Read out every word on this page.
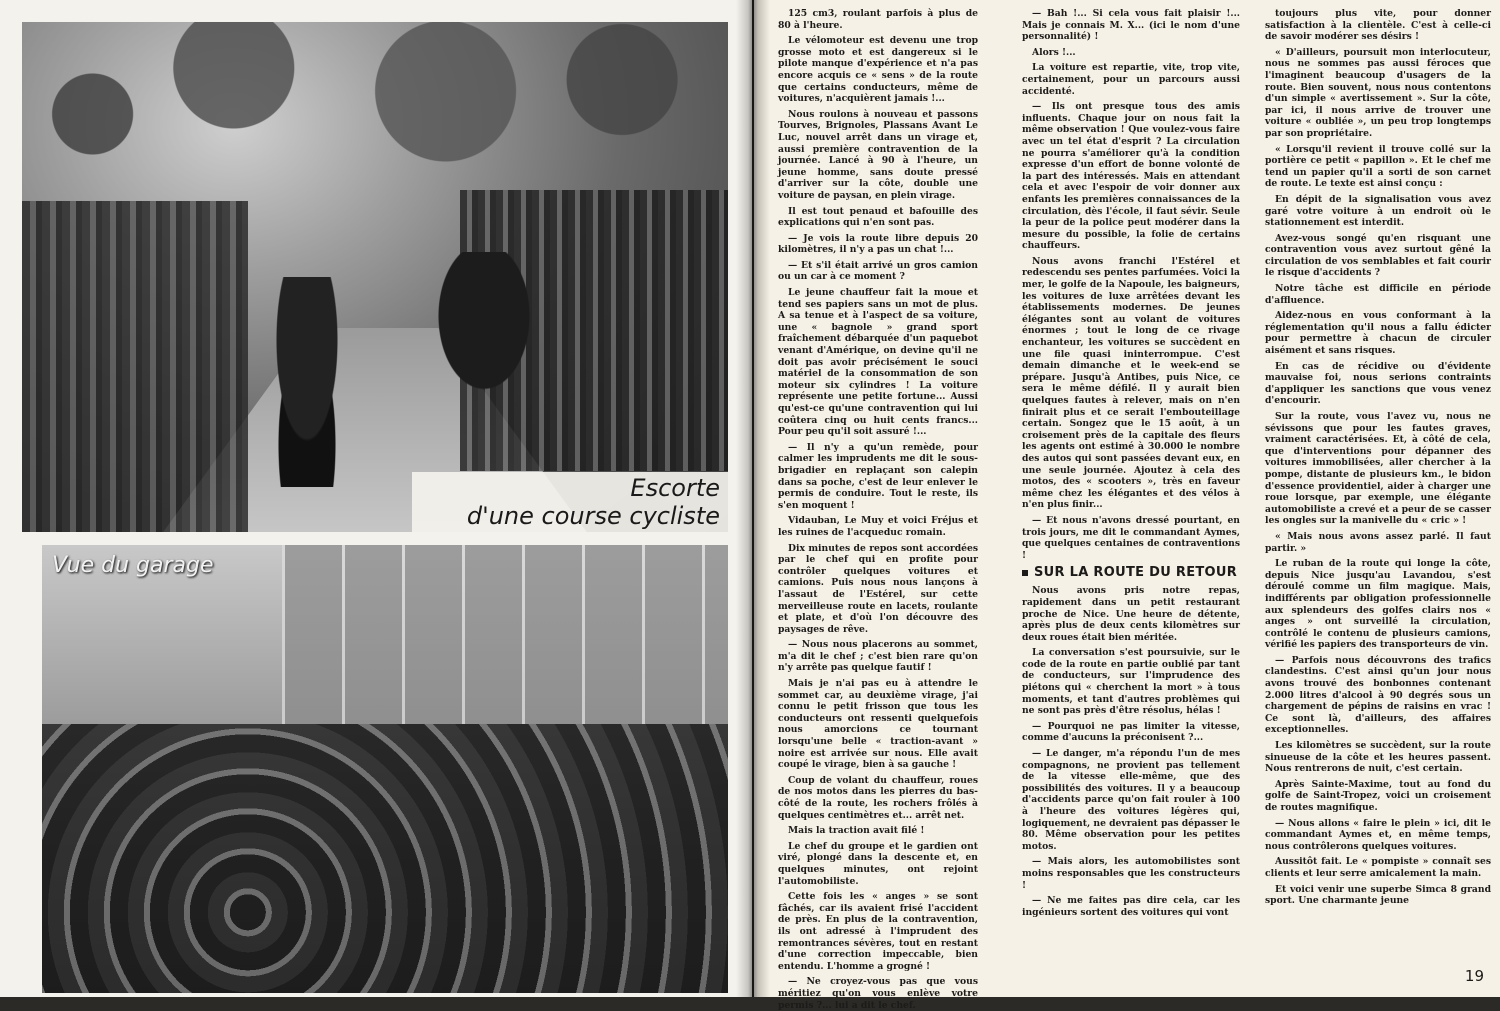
Escorte
d'une course cycliste
Vue du garage

125 cm3, roulant parfois à plus de 80 à l'heure.

Le vélomoteur est devenu une trop grosse moto et est dangereux si le pilote manque d'expérience et n'a pas encore acquis ce « sens » de la route que certains conducteurs, même de voitures, n'acquièrent jamais !...

Nous roulons à nouveau et passons Tourves, Brignoles, Plassans Avant Le Luc, nouvel arrêt dans un virage et, aussi première contravention de la journée. Lancé à 90 à l'heure, un jeune homme, sans doute pressé d'arriver sur la côte, double une voiture de paysan, en plein virage.

Il est tout penaud et bafouille des explications qui n'en sont pas.

— Je vois la route libre depuis 20 kilomètres, il n'y a pas un chat !...

— Et s'il était arrivé un gros camion ou un car à ce moment ?

Le jeune chauffeur fait la moue et tend ses papiers sans un mot de plus. A sa tenue et à l'aspect de sa voiture, une « bagnole » grand sport fraîchement débarquée d'un paquebot venant d'Amérique, on devine qu'il ne doit pas avoir précisément le souci matériel de la consommation de son moteur six cylindres ! La voiture représente une petite fortune... Aussi qu'est-ce qu'une contravention qui lui coûtera cinq ou huit cents francs... Pour peu qu'il soit assuré !...

— Il n'y a qu'un remède, pour calmer les imprudents me dit le sous-brigadier en replaçant son calepin dans sa poche, c'est de leur enlever le permis de conduire. Tout le reste, ils s'en moquent !

Vidauban, Le Muy et voici Fréjus et les ruines de l'acqueduc romain.

Dix minutes de repos sont accordées par le chef qui en profite pour contrôler quelques voitures et camions. Puis nous nous lançons à l'assaut de l'Estérel, sur cette merveilleuse route en lacets, roulante et plate, et d'où l'on découvre des paysages de rêve.

— Nous nous placerons au sommet, m'a dit le chef ; c'est bien rare qu'on n'y arrête pas quelque fautif !

Mais je n'ai pas eu à attendre le sommet car, au deuxième virage, j'ai connu le petit frisson que tous les conducteurs ont ressenti quelquefois nous amorcions ce tournant lorsqu'une belle « traction-avant » noire est arrivée sur nous. Elle avait coupé le virage, bien à sa gauche !

Coup de volant du chauffeur, roues de nos motos dans les pierres du bas-côté de la route, les rochers frôlés à quelques centimètres et... arrêt net.

Mais la traction avait filé !

Le chef du groupe et le gardien ont viré, plongé dans la descente et, en quelques minutes, ont rejoint l'automobiliste.

Cette fois les « anges » se sont fâchés, car ils avaient frisé l'accident de près. En plus de la contravention, ils ont adressé à l'imprudent des remontrances sévères, tout en restant d'une correction impeccable, bien entendu. L'homme a grogné !

— Ne croyez-vous pas que vous méritiez qu'on vous enlève votre permis ?... lui a dit le chef.

— Bah !... Si cela vous fait plaisir !... Mais je connais M. X... (ici le nom d'une personnalité) !

Alors !...

La voiture est repartie, vite, trop vite, certainement, pour un parcours aussi accidenté.

— Ils ont presque tous des amis influents. Chaque jour on nous fait la même observation ! Que voulez-vous faire avec un tel état d'esprit ? La circulation ne pourra s'améliorer qu'à la condition expresse d'un effort de bonne volonté de la part des intéressés. Mais en attendant cela et avec l'espoir de voir donner aux enfants les premières connaissances de la circulation, dès l'école, il faut sévir. Seule la peur de la police peut modérer dans la mesure du possible, la folie de certains chauffeurs.

Nous avons franchi l'Estérel et redescendu ses pentes parfumées. Voici la mer, le golfe de la Napoule, les baigneurs, les voitures de luxe arrêtées devant les établissements modernes. De jeunes élégantes sont au volant de voitures énormes ; tout le long de ce rivage enchanteur, les voitures se succèdent en une file quasi ininterrompue. C'est demain dimanche et le week-end se prépare. Jusqu'à Antibes, puis Nice, ce sera le même défilé. Il y aurait bien quelques fautes à relever, mais on n'en finirait plus et ce serait l'embouteillage certain. Songez que le 15 août, à un croisement près de la capitale des fleurs les agents ont estimé à 30.000 le nombre des autos qui sont passées devant eux, en une seule journée. Ajoutez à cela des motos, des « scooters », très en faveur même chez les élégantes et des vélos à n'en plus finir...

— Et nous n'avons dressé pourtant, en trois jours, me dit le commandant Aymes, que quelques centaines de contraventions !

SUR LA ROUTE DU RETOUR

Nous avons pris notre repas, rapidement dans un petit restaurant proche de Nice. Une heure de détente, après plus de deux cents kilomètres sur deux roues était bien méritée.

La conversation s'est poursuivie, sur le code de la route en partie oublié par tant de conducteurs, sur l'imprudence des piétons qui « cherchent la mort » à tous moments, et tant d'autres problèmes qui ne sont pas près d'être résolus, hélas !

— Pourquoi ne pas limiter la vitesse, comme d'aucuns la préconisent ?...

— Le danger, m'a répondu l'un de mes compagnons, ne provient pas tellement de la vitesse elle-même, que des possibilités des voitures. Il y a beaucoup d'accidents parce qu'on fait rouler à 100 à l'heure des voitures légères qui, logiquement, ne devraient pas dépasser le 80. Même observation pour les petites motos.

— Mais alors, les automobilistes sont moins responsables que les constructeurs !

— Ne me faites pas dire cela, car les ingénieurs sortent des voitures qui vont

toujours plus vite, pour donner satisfaction à la clientèle. C'est à celle-ci de savoir modérer ses désirs !

« D'ailleurs, poursuit mon interlocuteur, nous ne sommes pas aussi féroces que l'imaginent beaucoup d'usagers de la route. Bien souvent, nous nous contentons d'un simple « avertissement ». Sur la côte, par ici, il nous arrive de trouver une voiture « oubliée », un peu trop longtemps par son propriétaire.

« Lorsqu'il revient il trouve collé sur la portière ce petit « papillon ». Et le chef me tend un papier qu'il a sorti de son carnet de route. Le texte est ainsi conçu :

En dépit de la signalisation vous avez garé votre voiture à un endroit où le stationnement est interdit.

Avez-vous songé qu'en risquant une contravention vous avez surtout gêné la circulation de vos semblables et fait courir le risque d'accidents ?

Notre tâche est difficile en période d'affluence.

Aidez-nous en vous conformant à la réglementation qu'il nous a fallu édicter pour permettre à chacun de circuler aisément et sans risques.

En cas de récidive ou d'évidente mauvaise foi, nous serions contraints d'appliquer les sanctions que vous venez d'encourir.

Sur la route, vous l'avez vu, nous ne sévissons que pour les fautes graves, vraiment caractérisées. Et, à côté de cela, que d'interventions pour dépanner des voitures immobilisées, aller chercher à la pompe, distante de plusieurs km., le bidon d'essence providentiel, aider à charger une roue lorsque, par exemple, une élégante automobiliste a crevé et a peur de se casser les ongles sur la manivelle du « cric » !

« Mais nous avons assez parlé. Il faut partir. »

Le ruban de la route qui longe la côte, depuis Nice jusqu'au Lavandou, s'est déroulé comme un film magique. Mais, indifférents par obligation professionnelle aux splendeurs des golfes clairs nos « anges » ont surveillé la circulation, contrôlé le contenu de plusieurs camions, vérifié les papiers des transporteurs de vin.

— Parfois nous découvrons des trafics clandestins. C'est ainsi qu'un jour nous avons trouvé des bonbonnes contenant 2.000 litres d'alcool à 90 degrés sous un chargement de pépins de raisins en vrac ! Ce sont là, d'ailleurs, des affaires exceptionnelles.

Les kilomètres se succèdent, sur la route sinueuse de la côte et les heures passent. Nous rentrerons de nuit, c'est certain.

Après Sainte-Maxime, tout au fond du golfe de Saint-Tropez, voici un croisement de routes magnifique.

— Nous allons « faire le plein » ici, dit le commandant Aymes et, en même temps, nous contrôlerons quelques voitures.

Aussitôt fait. Le « pompiste » connaît ses clients et leur serre amicalement la main.

Et voici venir une superbe Simca 8 grand sport. Une charmante jeune

19
